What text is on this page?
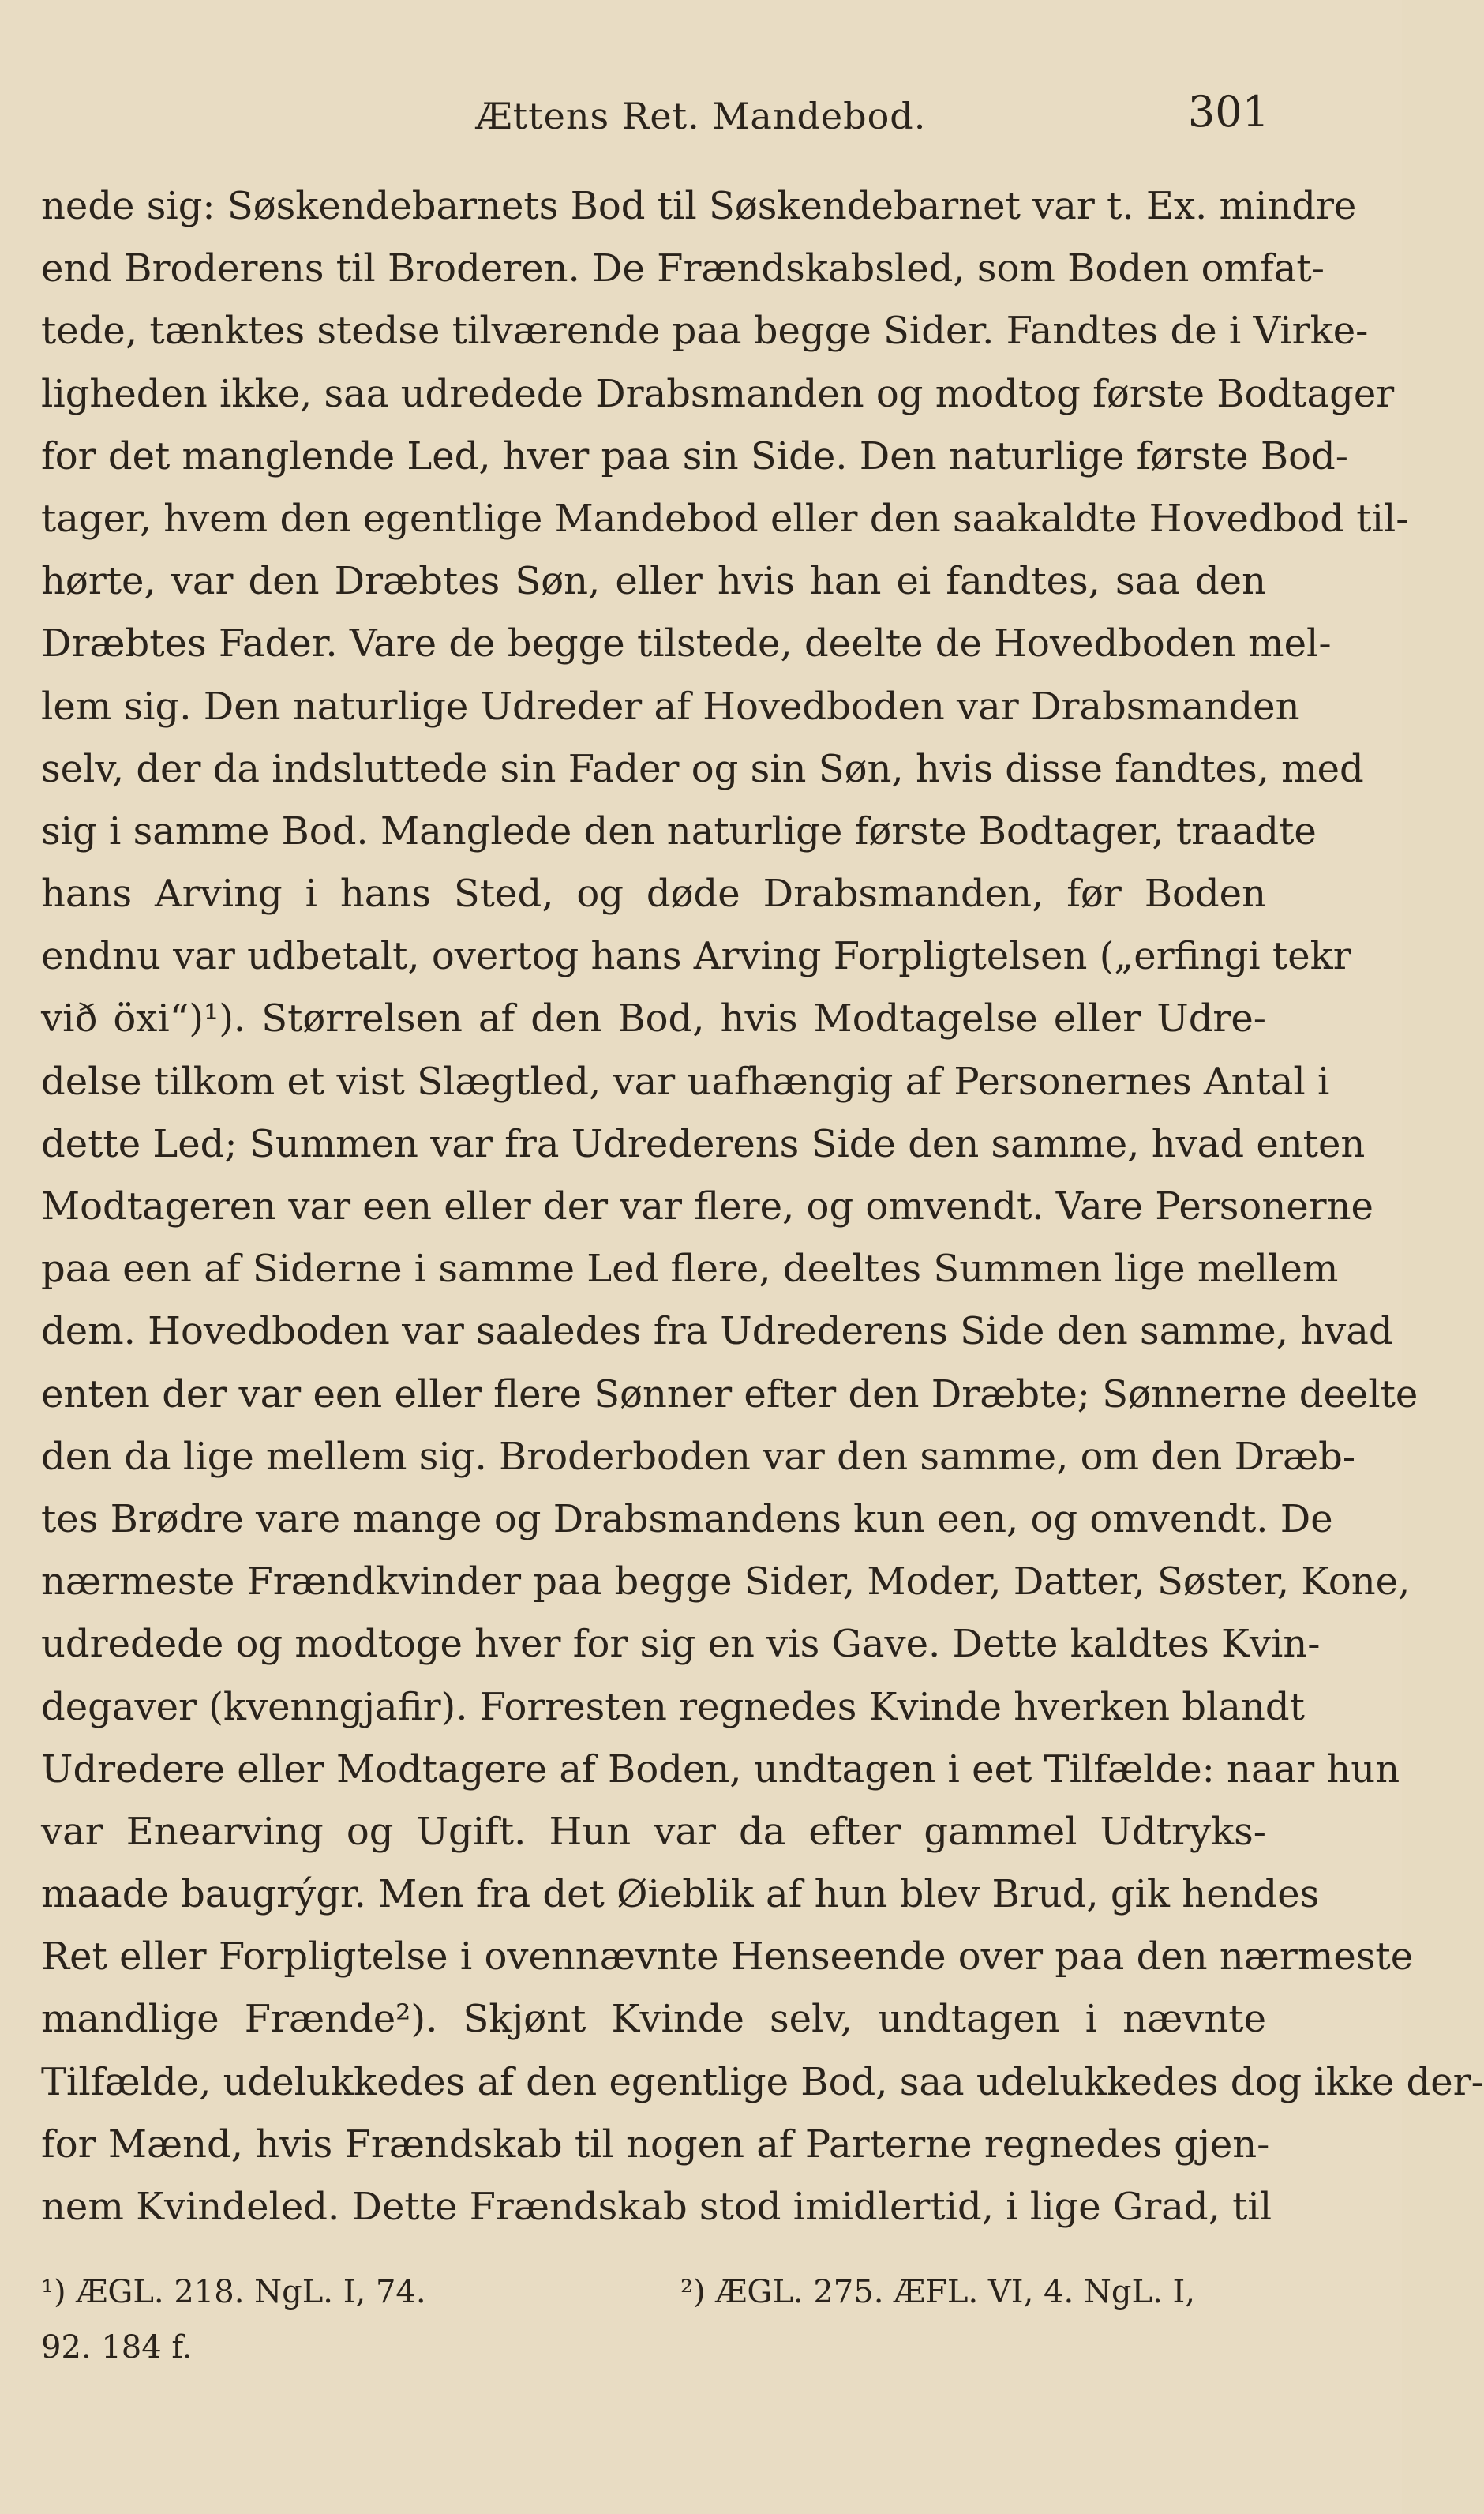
Ættens Ret. Mandebod.	301
nede sig: Søskendebarnets Bod til Søskendebarnet var t. Ex. mindre
end Broderens til Broderen. De Frændskabsled, som Boden omfat-
tede, tænktes stedse tilværende paa begge Sider. Fandtes de i Virke-
ligheden ikke, saa udredede Drabsmanden og modtog første Bodtager
for det manglende Led, hver paa sin Side. Den naturlige første Bod-
tager, hvem den egentlige Mandebod eller den saakaldte Hovedbod til-
hørte, var den Dræbtes Søn, eller hvis han ei fandtes, saa den
Dræbtes Fader. Vare de begge tilstede, deelte de Hovedboden mel-
lem sig. Den naturlige Udreder af Hovedboden var Drabsmanden
selv, der da indsluttede sin Fader og sin Søn, hvis disse fandtes, med
sig i samme Bod. Manglede den naturlige første Bodtager, traadte
hans Arving i hans Sted, og døde Drabsmanden, før Boden
endnu var udbetalt, overtog hans Arving Forpligtelsen („erfingi tekr
við öxi“)¹). Størrelsen af den Bod, hvis Modtagelse eller Udre-
delse tilkom et vist Slægtled, var uafhængig af Personernes Antal i
dette Led; Summen var fra Udrederens Side den samme, hvad enten
Modtageren var een eller der var flere, og omvendt. Vare Personerne
paa een af Siderne i samme Led flere, deeltes Summen lige mellem
dem. Hovedboden var saaledes fra Udrederens Side den samme, hvad
enten der var een eller flere Sønner efter den Dræbte; Sønnerne deelte
den da lige mellem sig. Broderboden var den samme, om den Dræb-
tes Brødre vare mange og Drabsmandens kun een, og omvendt. De
nærmeste Frændkvinder paa begge Sider, Moder, Datter, Søster, Kone,
udredede og modtoge hver for sig en vis Gave. Dette kaldtes Kvin-
degaver (kvenngjafir). Forresten regnedes Kvinde hverken blandt
Udredere eller Modtagere af Boden, undtagen i eet Tilfælde: naar hun
var Enearving og Ugift. Hun var da efter gammel Udtryks-
maade baugrýgr. Men fra det Øieblik af hun blev Brud, gik hendes
Ret eller Forpligtelse i ovennævnte Henseende over paa den nærmeste
mandlige Frænde²). Skjønt Kvinde selv, undtagen i nævnte
Tilfælde, udelukkedes af den egentlige Bod, saa udelukkedes dog ikke der-
for Mænd, hvis Frændskab til nogen af Parterne regnedes gjen-
nem Kvindeled. Dette Frændskab stod imidlertid, i lige Grad, til
¹) ÆGL. 218. NgL. I, 74.	²) ÆGL. 275. ÆFL. VI, 4. NgL. I,
92. 184 f.
